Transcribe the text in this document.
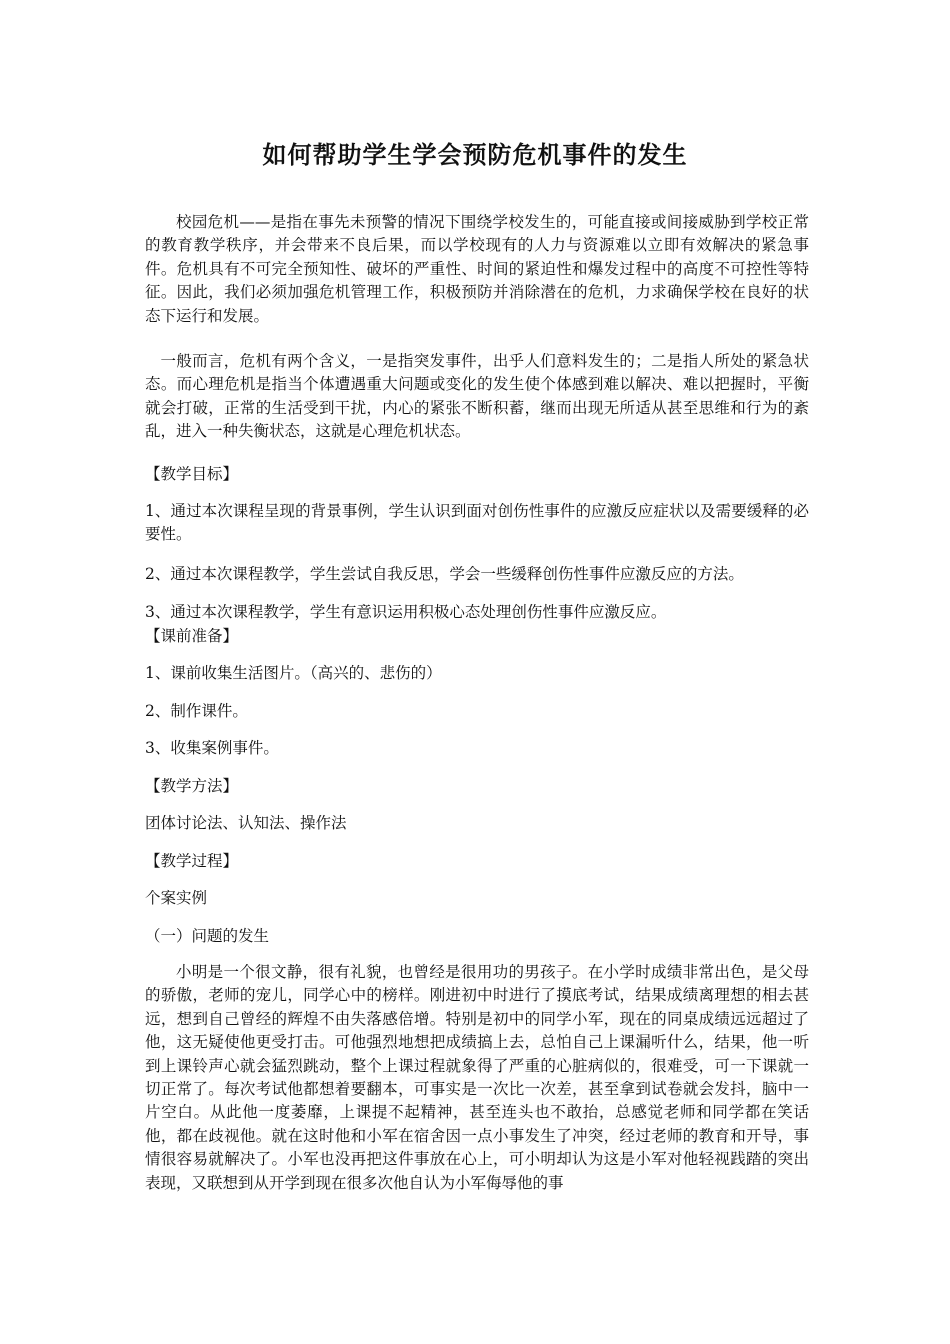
如何帮助学生学会预防危机事件的发生
校园危机——是指在事先未预警的情况下围绕学校发生的，可能直接或间接威胁到学校正常的教育教学秩序，并会带来不良后果，而以学校现有的人力与资源难以立即有效解决的紧急事件。危机具有不可完全预知性、破坏的严重性、时间的紧迫性和爆发过程中的高度不可控性等特征。因此，我们必须加强危机管理工作，积极预防并消除潜在的危机，力求确保学校在良好的状态下运行和发展。
一般而言，危机有两个含义，一是指突发事件，出乎人们意料发生的；二是指人所处的紧急状态。而心理危机是指当个体遭遇重大问题或变化的发生使个体感到难以解决、难以把握时，平衡就会打破，正常的生活受到干扰，内心的紧张不断积蓄，继而出现无所适从甚至思维和行为的紊乱，进入一种失衡状态，这就是心理危机状态。
【教学目标】
1、通过本次课程呈现的背景事例，学生认识到面对创伤性事件的应激反应症状以及需要缓释的必要性。
2、通过本次课程教学，学生尝试自我反思，学会一些缓释创伤性事件应激反应的方法。
3、通过本次课程教学，学生有意识运用积极心态处理创伤性事件应激反应。
【课前准备】
1、课前收集生活图片。（高兴的、悲伤的）
2、制作课件。
3、收集案例事件。
【教学方法】
团体讨论法、认知法、操作法
【教学过程】
个案实例
（一）问题的发生
小明是一个很文静，很有礼貌，也曾经是很用功的男孩子。在小学时成绩非常出色，是父母的骄傲，老师的宠儿，同学心中的榜样。刚进初中时进行了摸底考试，结果成绩离理想的相去甚远，想到自己曾经的辉煌不由失落感倍增。特别是初中的同学小军，现在的同桌成绩远远超过了他，这无疑使他更受打击。可他强烈地想把成绩搞上去，总怕自己上课漏听什么，结果，他一听到上课铃声心就会猛烈跳动，整个上课过程就象得了严重的心脏病似的，很难受，可一下课就一切正常了。每次考试他都想着要翻本，可事实是一次比一次差，甚至拿到试卷就会发抖，脑中一片空白。从此他一度萎靡，上课提不起精神，甚至连头也不敢抬，总感觉老师和同学都在笑话他，都在歧视他。就在这时他和小军在宿舍因一点小事发生了冲突，经过老师的教育和开导，事情很容易就解决了。小军也没再把这件事放在心上，可小明却认为这是小军对他轻视践踏的突出表现，又联想到从开学到现在很多次他自认为小军侮辱他的事
